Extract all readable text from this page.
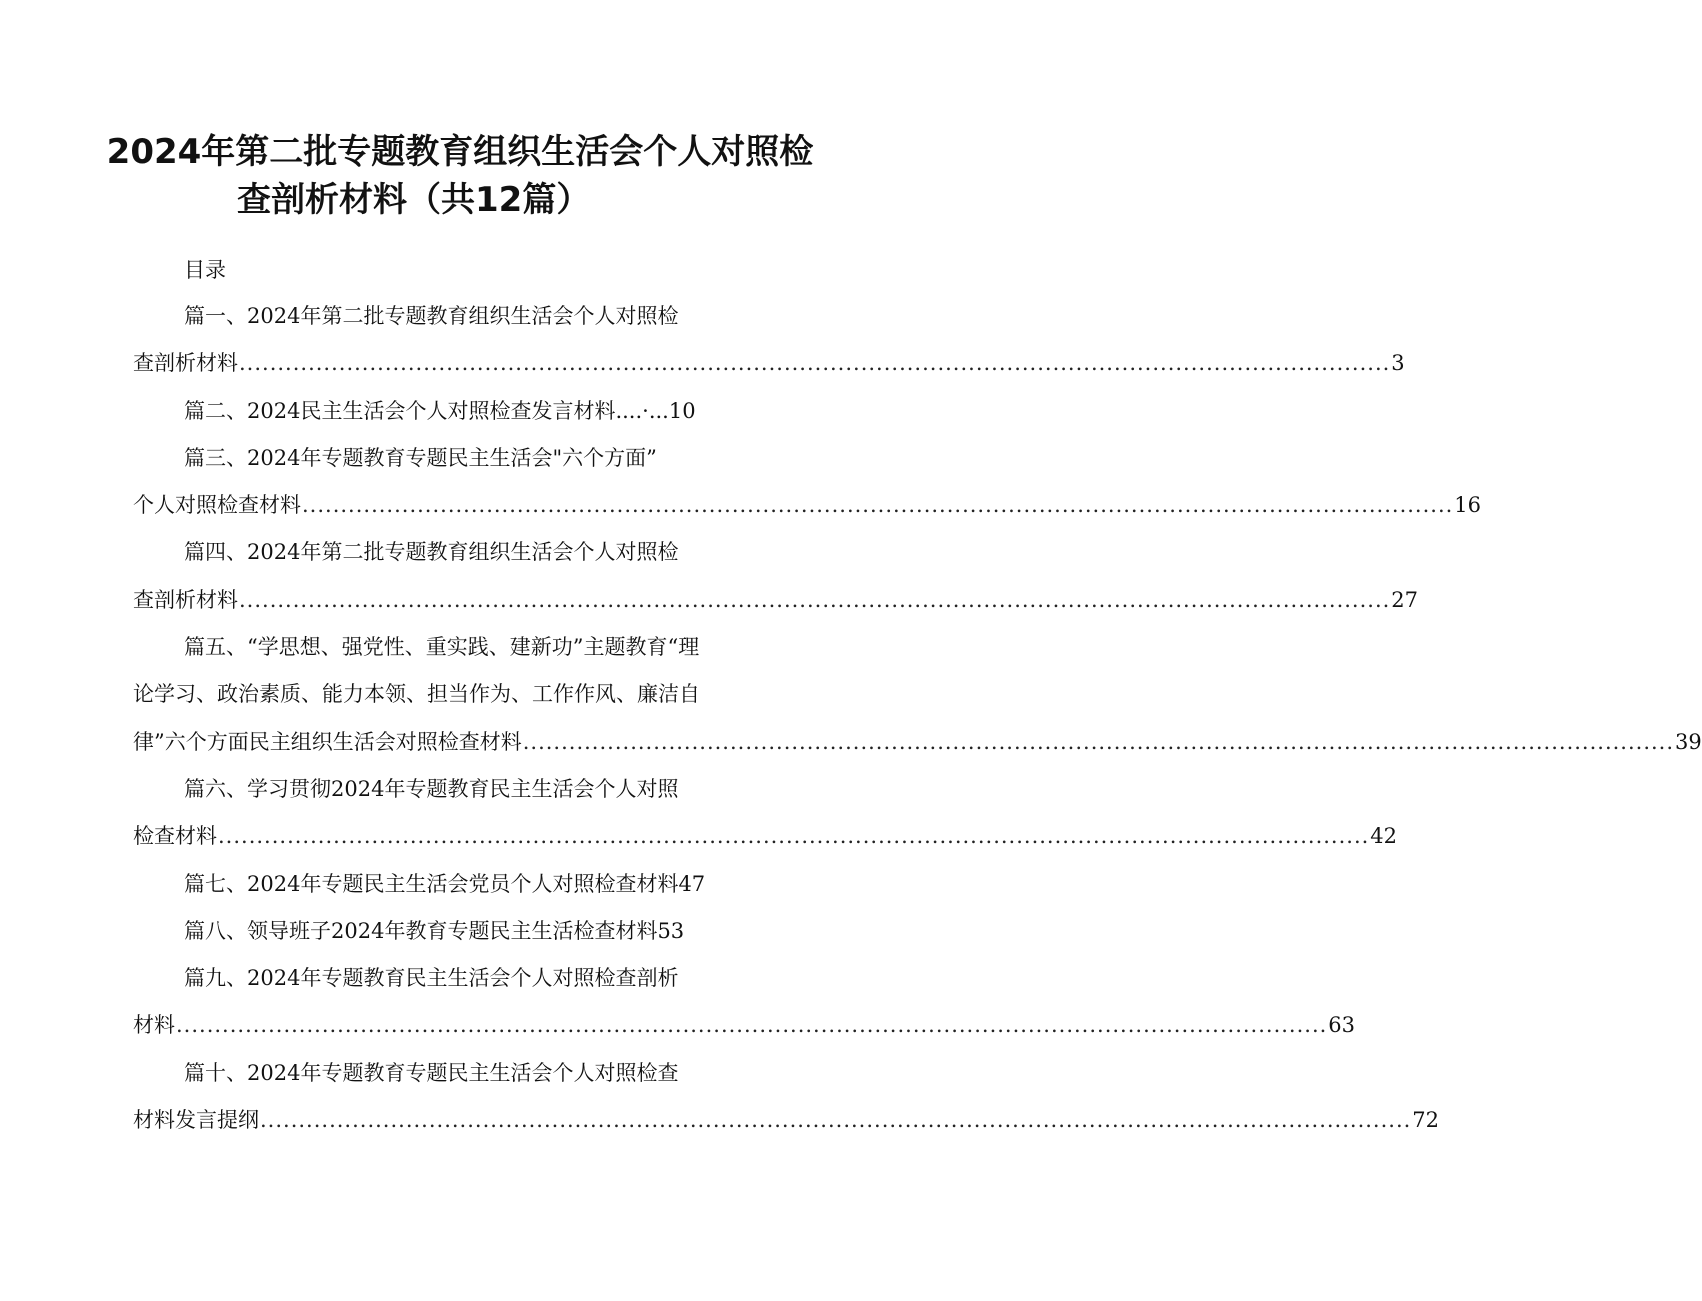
2024年第二批专题教育组织生活会个人对照检
查剖析材料（共12篇）
目录
篇一、2024年第二批专题教育组织生活会个人对照检
查剖析材料 ...................................................................................................................................................... 3
篇二、2024民主生活会个人对照检查发言材料....·...10
篇三、2024年专题教育专题民主生活会"六个方面”
个人对照检查材料 ...................................................................................................................................................... 16
篇四、2024年第二批专题教育组织生活会个人对照检
查剖析材料 ...................................................................................................................................................... 27
篇五、“学思想、强党性、重实践、建新功”主题教育“理
论学习、政治素质、能力本领、担当作为、工作作风、廉洁自
律”六个方面民主组织生活会对照检查材料 ...................................................................................................................................................... 39
篇六、学习贯彻2024年专题教育民主生活会个人对照
检查材料 ...................................................................................................................................................... 42
篇七、2024年专题民主生活会党员个人对照检查材料47
篇八、领导班子2024年教育专题民主生活检查材料53
篇九、2024年专题教育民主生活会个人对照检查剖析
材料 ...................................................................................................................................................... 63
篇十、2024年专题教育专题民主生活会个人对照检查
材料发言提纲 ...................................................................................................................................................... 72
